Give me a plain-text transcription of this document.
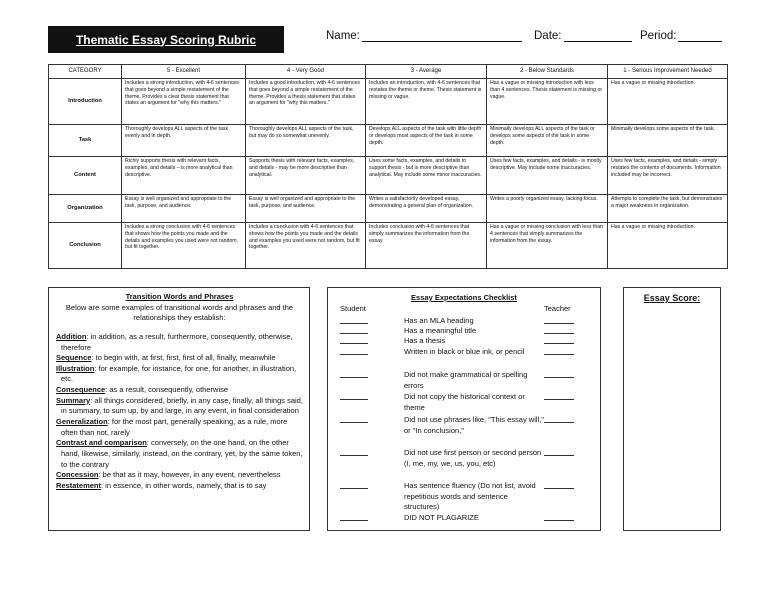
Thematic Essay Scoring Rubric	Name:	Date:	Period:
CATEGORY	5 - Excellent	4 - Very Good	3 - Average	2 - Below Standards	1 - Serious Improvement Needed
Introduction	Includes a strong introduction, with 4-6 sentences that goes beyond a simple restatement of the theme. Provides a clear thesis statement that states an argument for "why this matters."	Includes a good introduction, with 4-6 sentences that goes beyond a simple restatement of the theme. Provides a thesis statement that states an argument for "why this matters."	Includes an introduction, with 4-6 sentences that restates the theme or theme. Thesis statement is missing or vague.	Has a vague or missing introduction with less than 4 sentences. Thesis statement is missing or vague.	Has a vague or missing introduction.
Task	Thoroughly develops ALL aspects of the task evenly and in depth.	Thoroughly develops ALL aspects of the task, but may do so somewhat unevenly.	Develops ALL aspects of the task with little depth or develops most aspects of the task in some depth.	Minimally develops ALL aspects of the task or develops some aspects of the task in some depth.	Minimally develops some aspects of the task.
Content	Richly supports thesis with relevant facts, examples, and details – is more analytical than descriptive.	Supports thesis with relevant facts, examples, and details - may be more descriptive than analytical.	Uses some facts, examples, and details to support thesis - but is more descriptive than analytical. May include some minor inaccuracies.	Uses few facts, examples, and details - is mostly descriptive. May include some inaccuracies.	Uses few facts, examples, and details - simply restates the contents of documents. Information included may be incorrect.
Organization	Essay is well organized and appropriate to the task, purpose, and audience.	Essay is well organized and appropriate to the task, purpose, and audience.	Writes a satisfactorily developed essay, demonstrating a general plan of organization.	Writes a poorly organized essay, lacking focus.	Attempts to complete the task, but demonstrates a major weakness in organization.
Conclusion	Includes a strong conclusion with 4-6 sentences that shows how the points you made and the details and examples you used were not random, but fit together.	Includes a conclusion with 4-6 sentences that shows how the points you made and the details and examples you used were not random, but fit together.	Includes conclusion with 4-6 sentences that simply summarizes the information from the essay.	Has a vague or missing conclusion with less than 4 sentences that simply summarizes the information from the essay.	Has a vague or missing introduction.
Transition Words and Phrases
Below are some examples of transitional words and phrases and the relationships they establish:
Addition: in addition, as a result, furthermore, consequently, otherwise, therefore
Sequence: to begin with, at first, first, first of all, finally, meanwhile
Illustration: for example, for instance, for one, for another, in illustration, etc.
Consequence: as a result, consequently, otherwise
Summary: all things considered, briefly, in any case, finally, all things said, in summary, to sum up, by and large, in any event, in final consideration
Generalization: for the most part, generally speaking, as a rule, more often than not, rarely
Contrast and comparison: conversely, on the one hand, on the other hand, likewise, similarly, instead, on the contrary, yet, by the same token, to the contrary
Concession: be that as it may, however, in any event, nevertheless
Restatement: in essence, in other words, namely, that is to say
Essay Expectations Checklist
Student	Teacher
Has an MLA heading
Has a meaningful title
Has a thesis
Written in black or blue ink, or pencil
Did not make grammatical or spelling errors
Did not copy the historical context or theme
Did not use phrases like, "This essay will," or "In conclusion,"
Did not use first person or second person (I, me, my, we, us, you, etc)
Has sentence fluency (Do not list, avoid repetitious words and sentence structures)
DID NOT PLAGARIZE
Essay Score:
